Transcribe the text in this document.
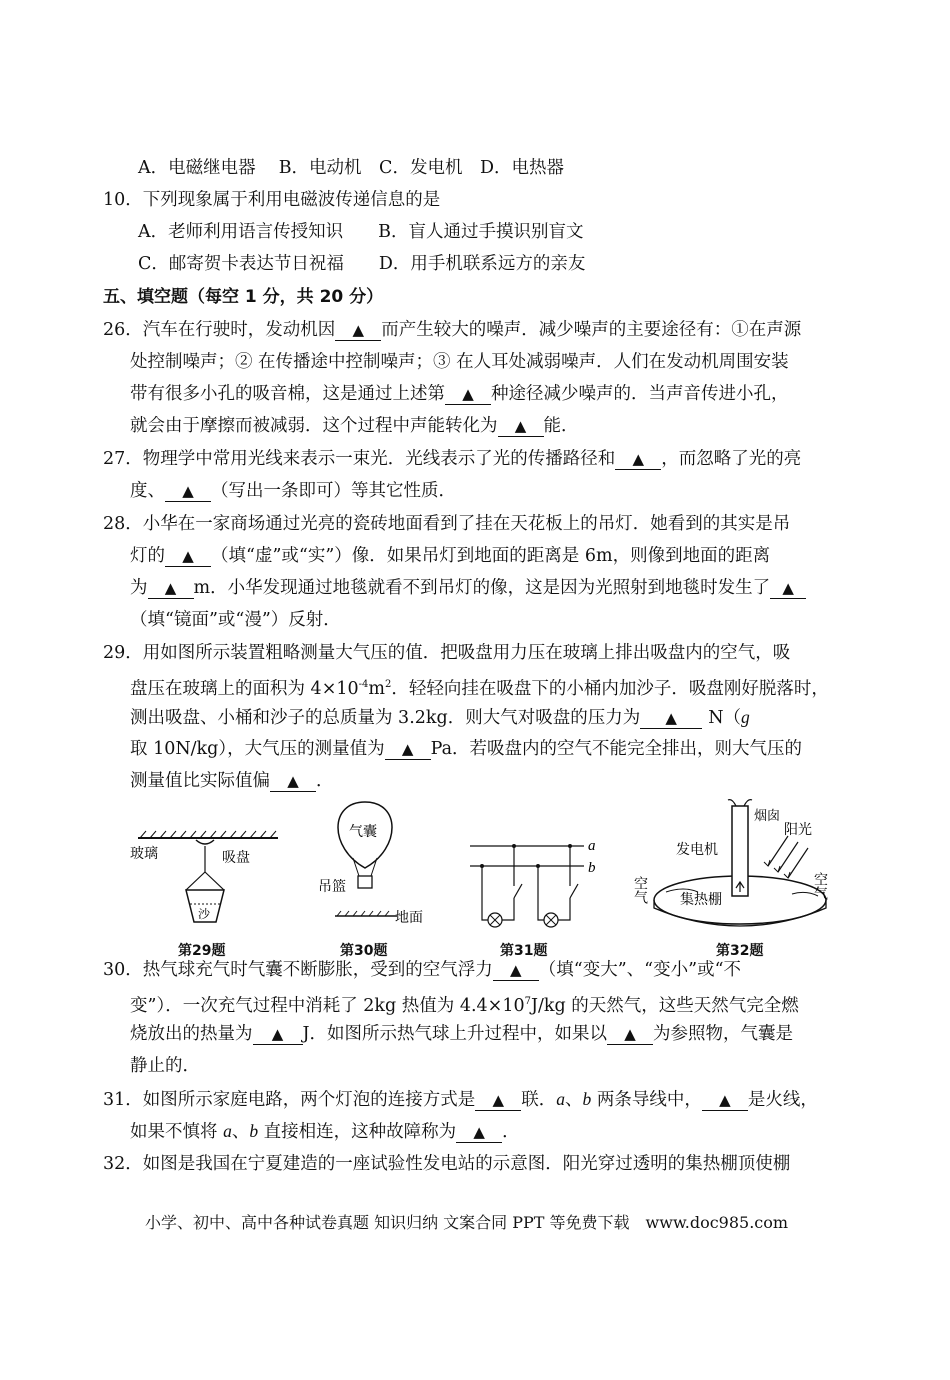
A．电磁继电器　 B．电动机　C．发电机　D．电热器
10．下列现象属于利用电磁波传递信息的是
A．老师利用语言传授知识　　B．盲人通过手摸识别盲文
C．邮寄贺卡表达节日祝福　　D．用手机联系远方的亲友
五、填空题（每空 1 分，共 20 分）
26．汽车在行驶时，发动机因 ▲ 而产生较大的噪声．减少噪声的主要途径有：①在声源
处控制噪声；② 在传播途中控制噪声；③ 在人耳处减弱噪声．人们在发动机周围安装
带有很多小孔的吸音棉，这是通过上述第 ▲ 种途径减少噪声的．当声音传进小孔，
就会由于摩擦而被减弱．这个过程中声能转化为 ▲ 能．
27．物理学中常用光线来表示一束光．光线表示了光的传播路径和 ▲ ，而忽略了光的亮
度、 ▲ （写出一条即可）等其它性质．
28．小华在一家商场通过光亮的瓷砖地面看到了挂在天花板上的吊灯．她看到的其实是吊
灯的 ▲ （填“虚”或“实”）像．如果吊灯到地面的距离是 6m，则像到地面的距离
为 ▲ m．小华发现通过地毯就看不到吊灯的像，这是因为光照射到地毯时发生了 ▲
（填“镜面”或“漫”）反射．
29．用如图所示装置粗略测量大气压的值．把吸盘用力压在玻璃上排出吸盘内的空气，吸
盘压在玻璃上的面积为 $4\times 10^{-4}m^2$．轻轻向挂在吸盘下的小桶内加沙子．吸盘刚好脱落时，
测出吸盘、小桶和沙子的总质量为 3.2kg．则大气对吸盘的压力为 ▲ N（g
取 10N/kg），大气压的测量值为 ▲ Pa．若吸盘内的空气不能完全排出，则大气压的
测量值比实际值偏 ▲ ．
玻璃	吸盘
沙
第29题
气囊
吊篮
地面
第30题
a
b
第31题
烟囱
阳光
发电机
空气	空气
集热棚
第32题
30．热气球充气时气囊不断膨胀，受到的空气浮力 ▲ （填“变大”、“变小”或“不
变”）．一次充气过程中消耗了 2kg 热值为 $4.4\times 10^7J/kg$ 的天然气，这些天然气完全燃
烧放出的热量为 ▲ J．如图所示热气球上升过程中，如果以 ▲ 为参照物，气囊是
静止的．
31．如图所示家庭电路，两个灯泡的连接方式是 ▲ 联．a、b 两条导线中， ▲ 是火线，
如果不慎将 a、b 直接相连，这种故障称为 ▲ ．
32．如图是我国在宁夏建造的一座试验性发电站的示意图．阳光穿过透明的集热棚顶使棚
小学、初中、高中各种试卷真题 知识归纳 文案合同 PPT 等免费下载　www.doc985.com
